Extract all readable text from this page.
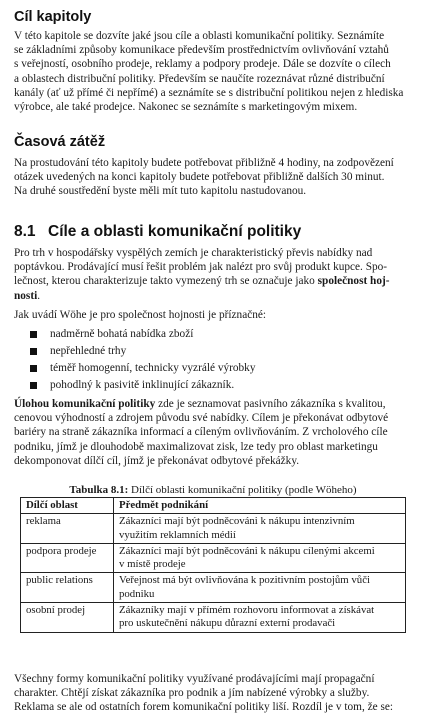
Cíl kapitoly
V této kapitole se dozvíte jaké jsou cíle a oblasti komunikační politiky. Seznámíte
se základními způsoby komunikace především prostřednictvím ovlivňování vztahů
s veřejností, osobního prodeje, reklamy a podpory prodeje. Dále se dozvíte o cílech
a oblastech distribuční politiky. Především se naučíte rozeznávat různé distribuční
kanály (ať už přímé či nepřímé) a seznámíte se s distribuční politikou nejen z hlediska
výrobce, ale také prodejce. Nakonec se seznámíte s marketingovým mixem.
Časová zátěž
Na prostudování této kapitoly budete potřebovat přibližně 4 hodiny, na zodpovězení
otázek uvedených na konci kapitoly budete potřebovat přibližně dalších 30 minut.
Na druhé soustředění byste měli mít tuto kapitolu nastudovanou.
8.1 Cíle a oblasti komunikační politiky
Pro trh v hospodářsky vyspělých zemích je charakteristický převis nabídky nad
poptávkou. Prodávající musí řešit problém jak nalézt pro svůj produkt kupce. Spo-
lečnost, kterou charakterizuje takto vymezený trh se označuje jako společnost hoj-
nosti.
Jak uvádí Wöhe je pro společnost hojnosti je příznačné:
nadměrně bohatá nabídka zboží
nepřehledné trhy
téměř homogenní, technicky vyzrálé výrobky
pohodlný k pasivitě inklinující zákazník.
Úlohou komunikační politiky zde je seznamovat pasivního zákazníka s kvalitou,
cenovou výhodností a zdrojem původu své nabídky. Cílem je překonávat odbytové
bariéry na straně zákazníka informací a cíleným ovlivňováním. Z vrcholového cíle
podniku, jímž je dlouhodobě maximalizovat zisk, lze tedy pro oblast marketingu
dekomponovat dílčí cíl, jímž je překonávat odbytové překážky.
Tabulka 8.1: Dílčí oblasti komunikační politiky (podle Wöheho)
Dílčí oblast	Předmět podnikání
reklama	Zákazníci mají být podněcováni k nákupu intenzivním
využitím reklamních médií

podpora prodeje	Zákazníci mají být podněcováni k nákupu cílenými akcemi
v místě prodeje

public relations	Veřejnost má být ovlivňována k pozitivním postojům vůči
podniku

osobní prodej	Zákazníky mají v přímém rozhovoru informovat a získávat
pro uskutečnění nákupu důrazní externí prodavači
Všechny formy komunikační politiky využívané prodávajícími mají propagační
charakter. Chtějí získat zákazníka pro podnik a jím nabízené výrobky a služby.
Reklama se ale od ostatních forem komunikační politiky liší. Rozdíl je v tom, že se:
